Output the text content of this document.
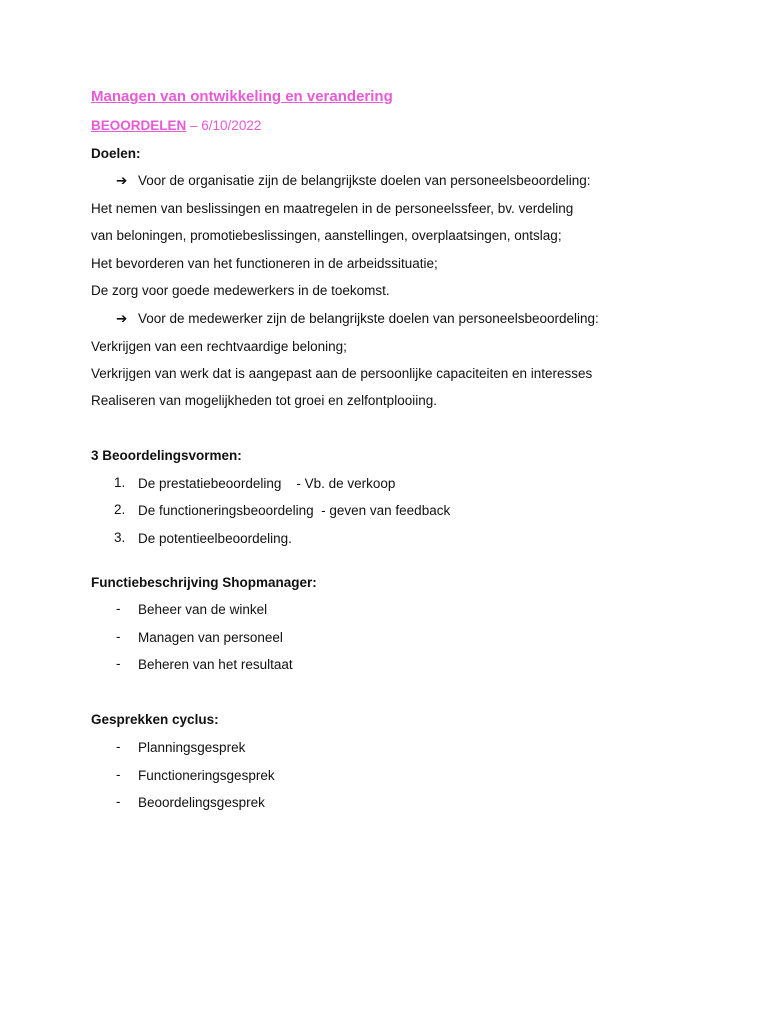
Managen van ontwikkeling en verandering
BEOORDELEN – 6/10/2022
Doelen:
➔ Voor de organisatie zijn de belangrijkste doelen van personeelsbeoordeling:
Het nemen van beslissingen en maatregelen in de personeelssfeer, bv. verdeling
van beloningen, promotiebeslissingen, aanstellingen, overplaatsingen, ontslag;
Het bevorderen van het functioneren in de arbeidssituatie;
De zorg voor goede medewerkers in de toekomst.
➔ Voor de medewerker zijn de belangrijkste doelen van personeelsbeoordeling:
Verkrijgen van een rechtvaardige beloning;
Verkrijgen van werk dat is aangepast aan de persoonlijke capaciteiten en interesses
Realiseren van mogelijkheden tot groei en zelfontplooiing.
3 Beoordelingsvormen:
1. De prestatiebeoordeling    - Vb. de verkoop
2. De functioneringsbeoordeling  - geven van feedback
3. De potentieelbeoordeling.
Functiebeschrijving Shopmanager:
- Beheer van de winkel
- Managen van personeel
- Beheren van het resultaat
Gesprekken cyclus:
- Planningsgesprek
- Functioneringsgesprek
- Beoordelingsgesprek
